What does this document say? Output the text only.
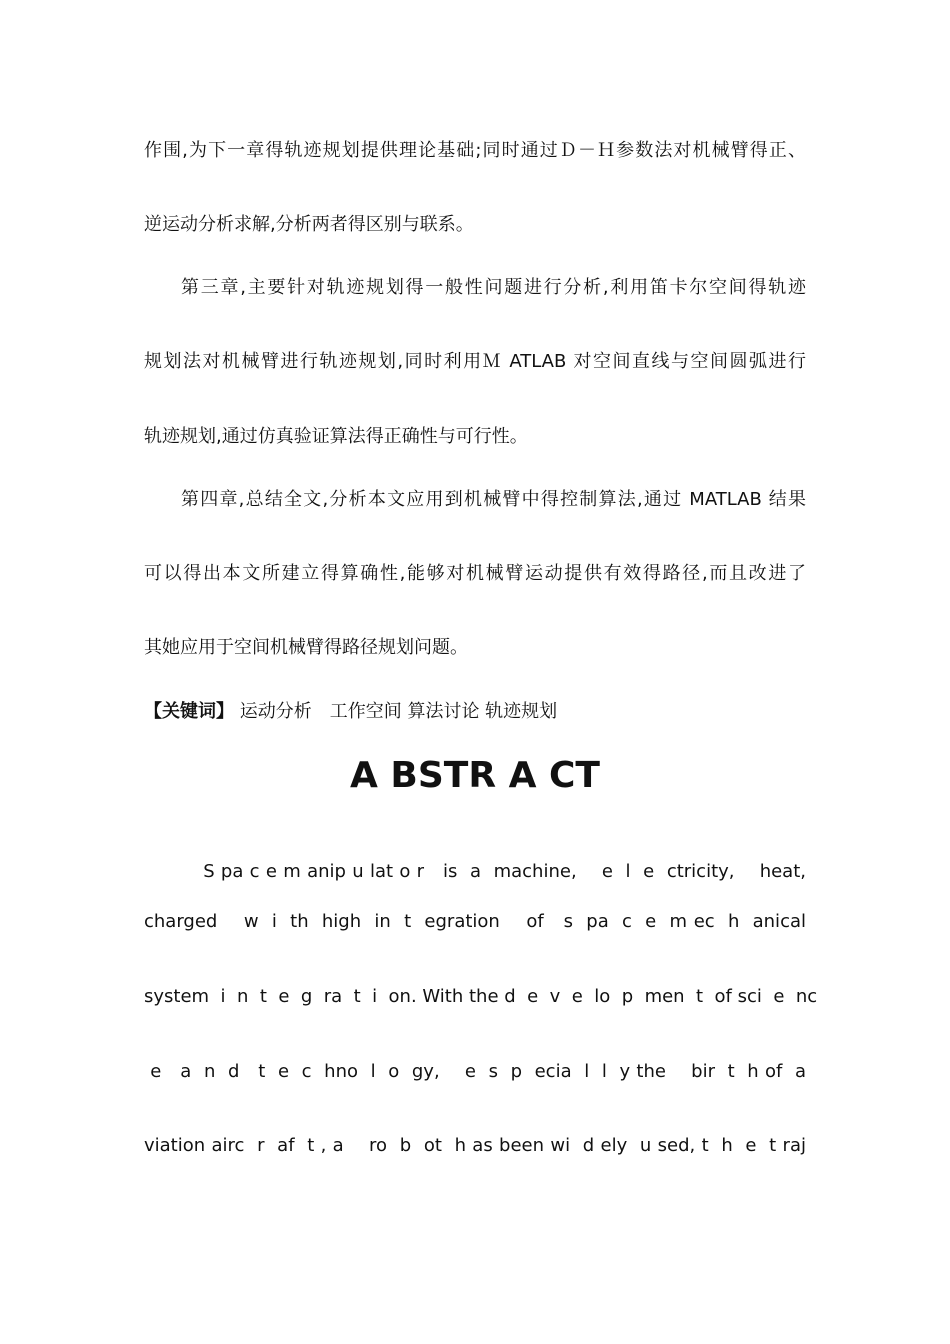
作围,为下一章得轨迹规划提供理论基础;同时通过Ｄ－Ｈ参数法对机械臂得正、
逆运动分析求解,分析两者得区别与联系。
第三章,主要针对轨迹规划得一般性问题进行分析,利用笛卡尔空间得轨迹
规划法对机械臂进行轨迹规划,同时利用Ｍ ATLAB 对空间直线与空间圆弧进行
轨迹规划,通过仿真验证算法得正确性与可行性。
第四章,总结全文,分析本文应用到机械臂中得控制算法,通过 MATLAB 结果
可以得出本文所建立得算确性,能够对机械臂运动提供有效得路径,而且改进了
其她应用于空间机械臂得路径规划问题。
【关键词】 运动分析　工作空间 算法讨论 轨迹规划
A BSTR A CT

S pa c e m anip u lat o r   is  a  machine,    e  l  e  ctricity,    heat,

charged    w  i  th  high  in  t  egration    of   s  pa  c  e  m ec  h  anical
system  i  n  t  e  g  ra  t  i  on. With the d  e  v  e  lo  p  men  t  of sci  e  nc
e   a  n  d   t  e  c  hno  l  o  gy,    e  s  p  ecia  l  l  y the    bir  t  h of  a
viation airc  r  af  t , a    ro  b  ot  h as been wi  d ely  u sed, t  h  e  t raj
